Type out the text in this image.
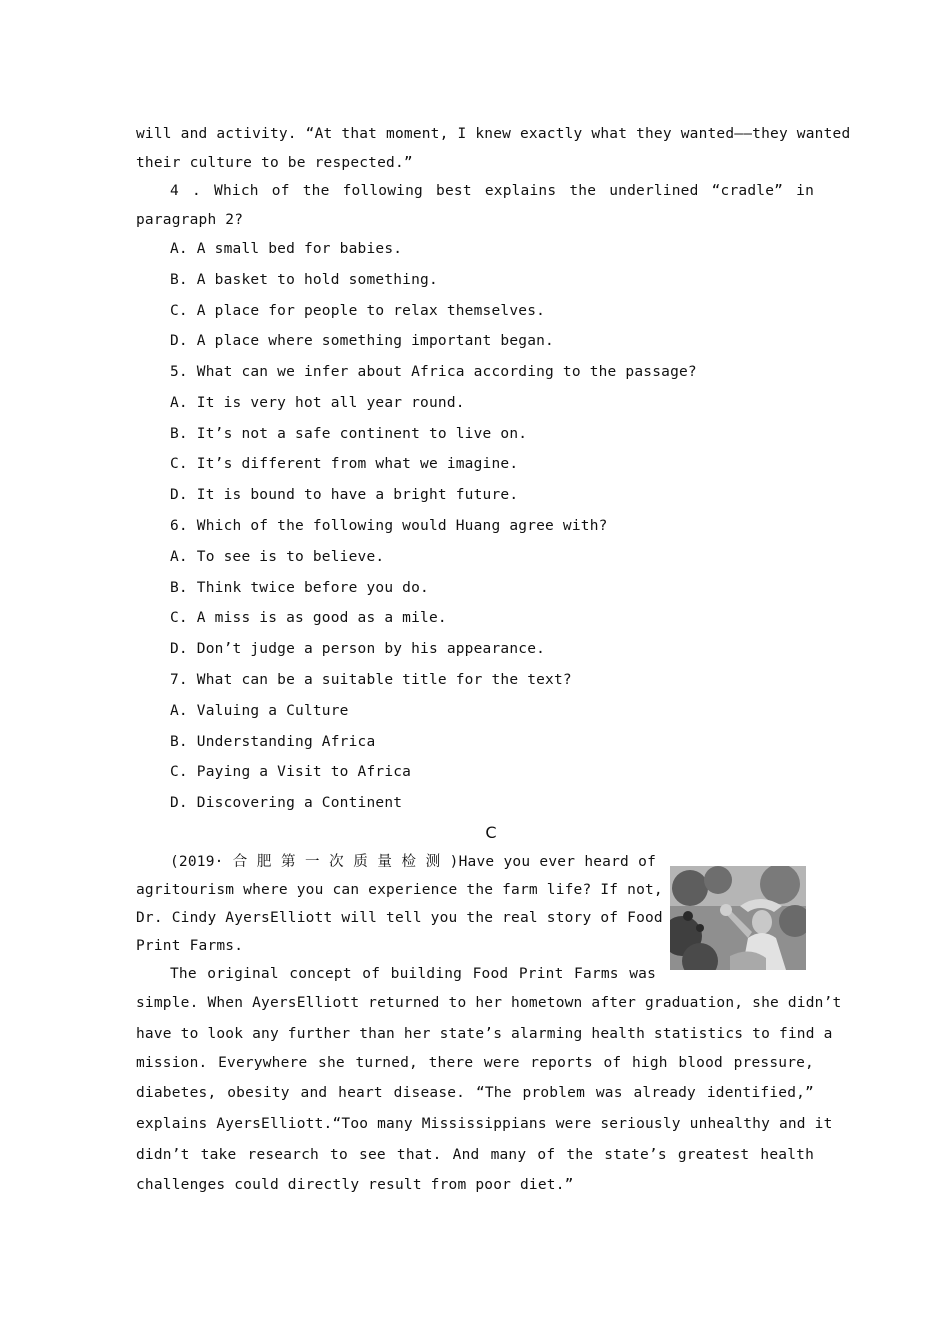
will and activity. “At that moment, I knew exactly what they wanted——they wanted
their culture to be respected.”
4 . Which of the following best explains the underlined “cradle” in
paragraph 2?
A. A small bed for babies.
B. A basket to hold something.
C. A place for people to relax themselves.
D. A place where something important began.
5. What can we infer about Africa according to the passage?
A. It is very hot all year round.
B. It’s not a safe continent to live on.
C. It’s different from what we imagine.
D. It is bound to have a bright future.
6. Which of the following would Huang agree with?
A. To see is to believe.
B. Think twice before you do.
C. A miss is as good as a mile.
D. Don’t judge a person by his appearance.
7. What can be a suitable title for the text?
A. Valuing a Culture
B. Understanding Africa
C. Paying a Visit to Africa
D. Discovering a Continent
C
(2019· 合 肥 第 一 次 质 量 检 测 )Have you ever heard of
agritourism where you can experience the farm life? If not,
Dr. Cindy AyersElliott will tell you the real story of Food
Print Farms.
The original concept of building Food Print Farms was
simple. When AyersElliott returned to her hometown after graduation, she didn’t
have to look any further than her state’s alarming health statistics to find a
mission. Everywhere she turned, there were reports of high blood pressure,
diabetes, obesity and heart disease. “The problem was already identified,”
explains AyersElliott.“Too many Mississippians were seriously unhealthy and it
didn’t take research to see that. And many of the state’s greatest health
challenges could directly result from poor diet.”
